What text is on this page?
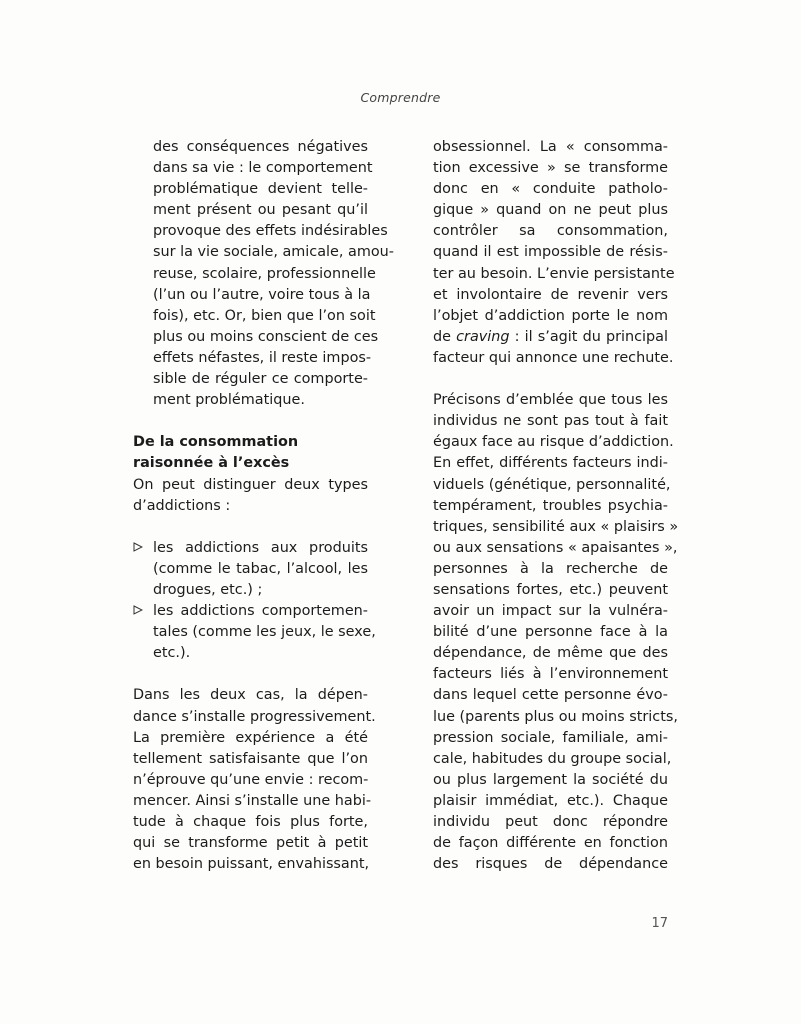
Comprendre
des conséquences négatives
dans sa vie : le comportement
problématique devient telle-
ment présent ou pesant qu’il
provoque des effets indésirables
sur la vie sociale, amicale, amou-
reuse, scolaire, professionnelle
(l’un ou l’autre, voire tous à la
fois), etc. Or, bien que l’on soit
plus ou moins conscient de ces
effets néfastes, il reste impos-
sible de réguler ce comporte-
ment problématique.
De la consommation
raisonnée à l’excès
On peut distinguer deux types
d’addictions :
les addictions aux produits
(comme le tabac, l’alcool, les
drogues, etc.) ;
les addictions comportemen-
tales (comme les jeux, le sexe,
etc.).
Dans les deux cas, la dépen-
dance s’installe progressivement.
La première expérience a été
tellement satisfaisante que l’on
n’éprouve qu’une envie : recom-
mencer. Ainsi s’installe une habi-
tude à chaque fois plus forte,
qui se transforme petit à petit
en besoin puissant, envahissant,
obsessionnel. La « consomma-
tion excessive » se transforme
donc en « conduite patholo-
gique » quand on ne peut plus
contrôler sa consommation,
quand il est impossible de résis-
ter au besoin. L’envie persistante
et involontaire de revenir vers
l’objet d’addiction porte le nom
de craving : il s’agit du principal
facteur qui annonce une rechute.
Précisons d’emblée que tous les
individus ne sont pas tout à fait
égaux face au risque d’addiction.
En effet, différents facteurs indi-
viduels (génétique, personnalité,
tempérament, troubles psychia-
triques, sensibilité aux « plaisirs »
ou aux sensations « apaisantes »,
personnes à la recherche de
sensations fortes, etc.) peuvent
avoir un impact sur la vulnéra-
bilité d’une personne face à la
dépendance, de même que des
facteurs liés à l’environnement
dans lequel cette personne évo-
lue (parents plus ou moins stricts,
pression sociale, familiale, ami-
cale, habitudes du groupe social,
ou plus largement la société du
plaisir immédiat, etc.). Chaque
individu peut donc répondre
de façon différente en fonction
des risques de dépendance
17
